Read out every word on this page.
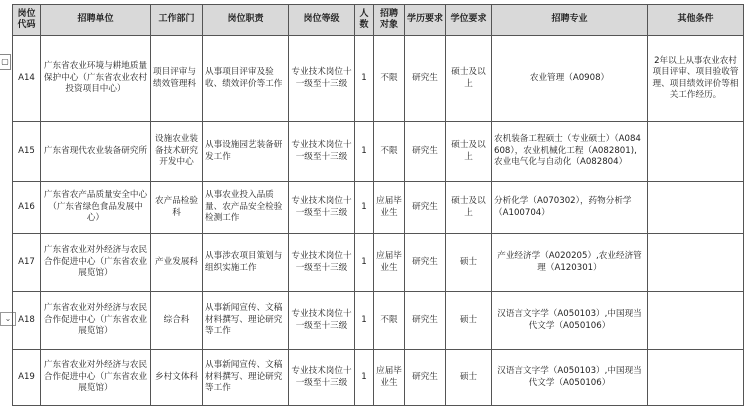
▢
⌄
岗位代码	招聘单位	工作部门	岗位职责	岗位等级	人数	招聘对象	学历要求	学位要求	招聘专业	其他条件
A14	广东省农业环境与耕地质量保护中心（广东省农业农村投资项目中心）	项目评审与绩效管理科	从事项目评审及验收、绩效评价等工作	专业技术岗位十一级至十三级	1	不限	研究生	硕士及以上	农业管理（A0908）	2年以上从事农业农村项目评审、项目验收管理、项目绩效评价等相关工作经历。
A15	广东省现代农业装备研究所	设施农业装备技术研究开发中心	从事设施园艺装备研发工作	专业技术岗位十一级至十三级	1	不限	研究生	硕士及以上	农机装备工程硕士（专业硕士）（A084608），农业机械化工程（A082801),农业电气化与自动化（A082804）	
A16	广东省农产品质量安全中心（广东省绿色食品发展中心）	农产品检验科	从事农业投入品质量、农产品安全检验检测工作	专业技术岗位十一级至十三级	1	应届毕业生	研究生	硕士及以上	分析化学（A070302），药物分析学（A100704）	
A17	广东省农业对外经济与农民合作促进中心（广东省农业展览馆）	产业发展科	从事涉农项目策划与组织实施工作	专业技术岗位十一级至十三级	1	应届毕业生	研究生	硕士	产业经济学（A020205）,农业经济管理（A120301）	
A18	广东省农业对外经济与农民合作促进中心（广东省农业展览馆）	综合科	从事新闻宣传、文稿材料撰写、理论研究等工作	专业技术岗位十一级至十三级	1	不限	研究生	硕士	汉语言文字学（A050103）,中国现当代文学（A050106）	
A19	广东省农业对外经济与农民合作促进中心（广东省农业展览馆）	乡村文体科	从事新闻宣传、文稿材料撰写、理论研究等工作	专业技术岗位十一级至十三级	1	应届毕业生	研究生	硕士	汉语言文字学（A050103）,中国现当代文学（A050106）	
